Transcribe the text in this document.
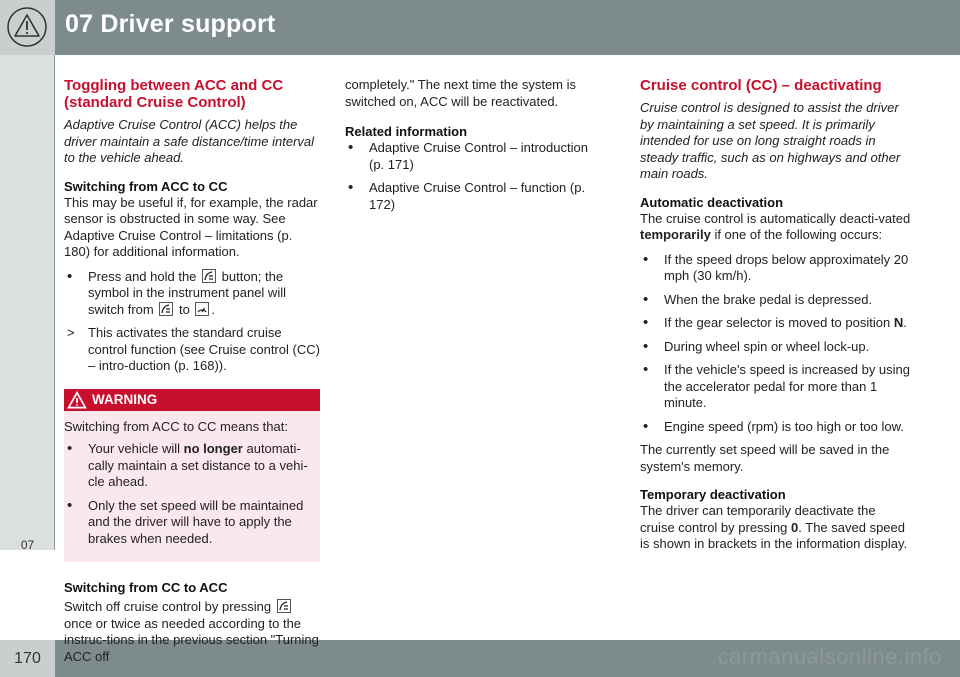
07 Driver support
07
170	carmanualsonline.info
Toggling between ACC and CC (standard Cruise Control)

Adaptive Cruise Control (ACC) helps the driver maintain a safe distance/time interval to the vehicle ahead.

Switching from ACC to CC

This may be useful if, for example, the radar sensor is obstructed in some way. See Adaptive Cruise Control – limitations (p. 180) for additional information.

• Press and hold the button; the symbol in the instrument panel will switch from to .
> This activates the standard cruise control function (see Cruise control (CC) – intro-duction (p. 168)).
WARNING

Switching from ACC to CC means that:

• Your vehicle will no longer automati-cally maintain a set distance to a vehi-cle ahead.
• Only the set speed will be maintained and the driver will have to apply the brakes when needed.
Switching from CC to ACC

Switch off cruise control by pressing
once or twice as needed according to the instruc-tions in the previous section "Turning ACC off

completely." The next time the system is switched on, ACC will be reactivated.

Related information
• Adaptive Cruise Control – introduction (p. 171)
• Adaptive Cruise Control – function (p. 172)
Cruise control (CC) – deactivating

Cruise control is designed to assist the driver by maintaining a set speed. It is primarily intended for use on long straight roads in steady traffic, such as on highways and other main roads.

Automatic deactivation

The cruise control is automatically deacti-vated temporarily if one of the following occurs:

• If the speed drops below approximately 20 mph (30 km/h).
• When the brake pedal is depressed.
• If the gear selector is moved to position N.
• During wheel spin or wheel lock-up.
• If the vehicle's speed is increased by using the accelerator pedal for more than 1 minute.
• Engine speed (rpm) is too high or too low.

The currently set speed will be saved in the system's memory.

Temporary deactivation

The driver can temporarily deactivate the cruise control by pressing 0. The saved speed is shown in brackets in the information display.
